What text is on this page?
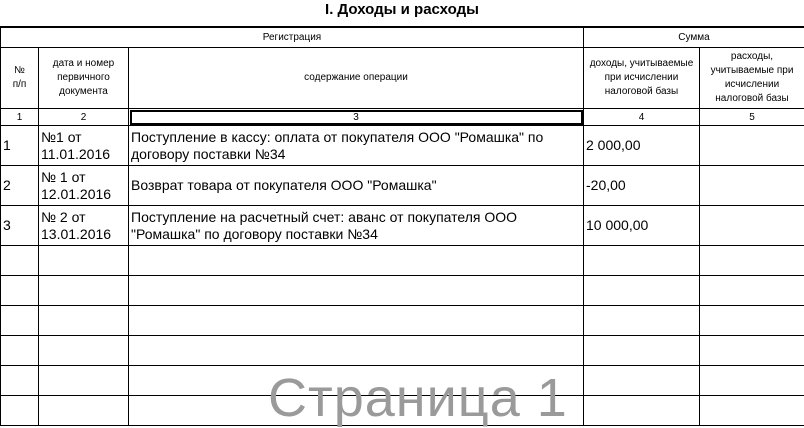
I. Доходы и расходы
Регистрация			Сумма	
№
п/п	дата и номер первичного документа	содержание операции	доходы, учитываемые при исчислении налоговой базы	расходы, учитываемые при исчислении налоговой базы
1	2	3	4	5
1	№1 от 11.01.2016	Поступление в кассу: оплата от покупателя ООО "Ромашка" по договору поставки №34	2 000,00	
2	№ 1 от 12.01.2016	Возврат товара от покупателя ООО "Ромашка"	-20,00	
3	№ 2 от 13.01.2016	Поступление на расчетный счет: аванс от покупателя ООО "Ромашка" по договору поставки №34	10 000,00	

Страница 1
